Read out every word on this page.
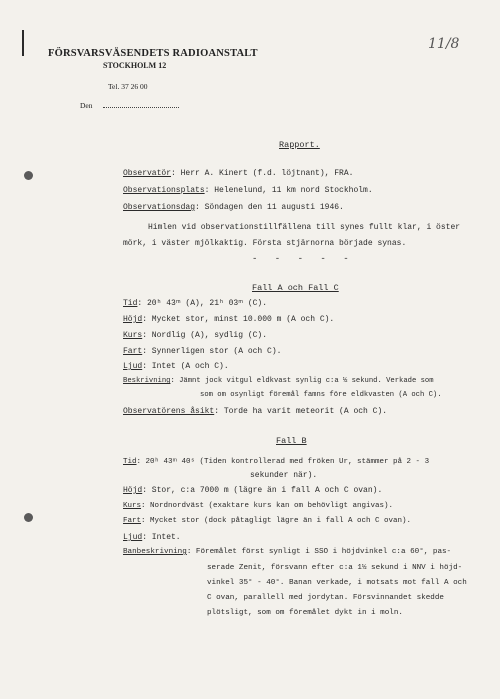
11/8
FÖRSVARSVÄSENDETS RADIOANSTALT
STOCKHOLM 12
Tel. 37 26 00
Den
Rapport.
Observatör: Herr A. Kinert (f.d. löjtnant), FRA.
Observationsplats: Helenelund, 11 km nord Stockholm.
Observationsdag: Söndagen den 11 augusti 1946.
Himlen vid observationstillfällena till synes fullt klar, i öster
mörk, i väster mjölkaktig. Första stjärnorna började synas.
- - - - -
Fall A och Fall C
Tid: 20ʰ 43ᵐ (A), 21ʰ 03ᵐ (C).
Höjd: Mycket stor, minst 10.000 m (A och C).
Kurs: Nordlig (A), sydlig (C).
Fart: Synnerligen stor (A och C).
Ljud: Intet (A och C).
Beskrivning: Jämnt jock vitgul eldkvast synlig c:a ½ sekund. Verkade som
som om osynligt föremål famns före eldkvasten (A och C).
Observatörens åsikt: Torde ha varit meteorit (A och C).
Fall B
Tid: 20ʰ 43ᵐ 40ˢ (Tiden kontrollerad med fröken Ur, stämmer på 2 - 3
sekunder när).
Höjd: Stor, c:a 7000 m (lägre än i fall A och C ovan).
Kurs: Nordnordväst (exaktare kurs kan om behövligt angivas).
Fart: Mycket stor (dock påtagligt lägre än i fall A och C ovan).
Ljud: Intet.
Banbeskrivning: Föremålet först synligt i SSO i höjdvinkel c:a 60°, pas-
serade Zenit, försvann efter c:a 1½ sekund i NNV i höjd-
vinkel 35° - 40°. Banan verkade, i motsats mot fall A och
C ovan, parallell med jordytan. Försvinnandet skedde
plötsligt, som om föremålet dykt in i moln.
